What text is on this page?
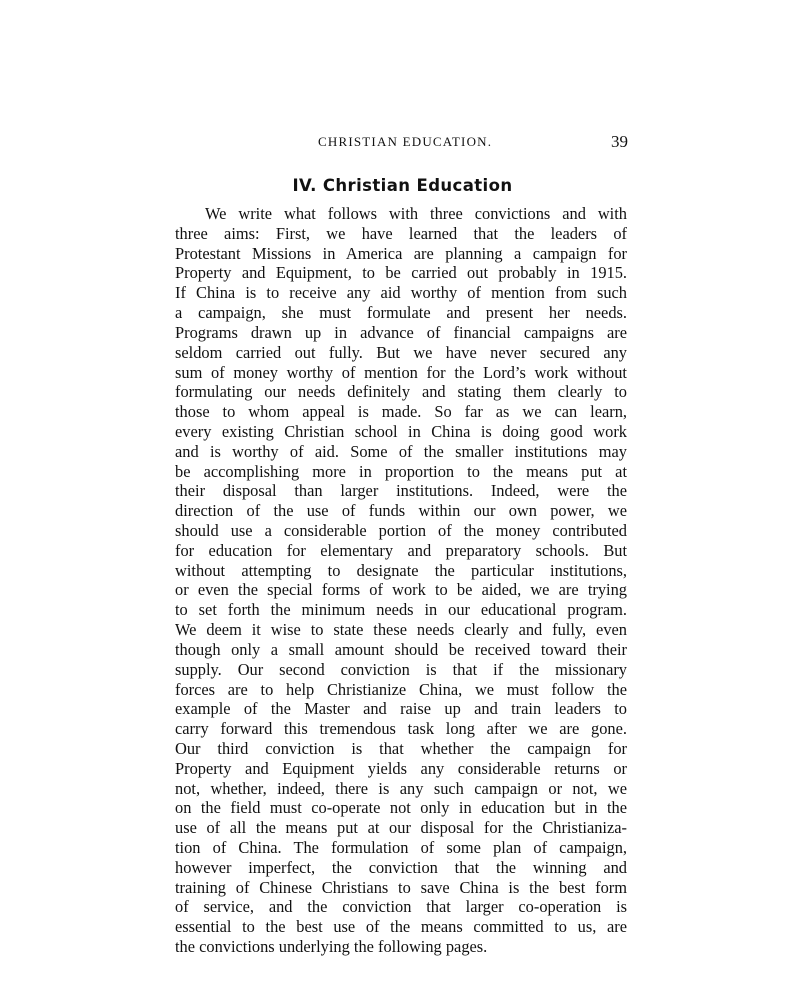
CHRISTIAN EDUCATION.	39
IV. Christian Education
We write what follows with three convictions and with
three aims: First, we have learned that the leaders of
Protestant Missions in America are planning a campaign for
Property and Equipment, to be carried out probably in 1915.
If China is to receive any aid worthy of mention from such
a campaign, she must formulate and present her needs.
Programs drawn up in advance of financial campaigns are
seldom carried out fully. But we have never secured any
sum of money worthy of mention for the Lord’s work without
formulating our needs definitely and stating them clearly to
those to whom appeal is made. So far as we can learn,
every existing Christian school in China is doing good work
and is worthy of aid. Some of the smaller institutions may
be accomplishing more in proportion to the means put at
their disposal than larger institutions. Indeed, were the
direction of the use of funds within our own power, we
should use a considerable portion of the money contributed
for education for elementary and preparatory schools. But
without attempting to designate the particular institutions,
or even the special forms of work to be aided, we are trying
to set forth the minimum needs in our educational program.
We deem it wise to state these needs clearly and fully, even
though only a small amount should be received toward their
supply. Our second conviction is that if the missionary
forces are to help Christianize China, we must follow the
example of the Master and raise up and train leaders to
carry forward this tremendous task long after we are gone.
Our third conviction is that whether the campaign for
Property and Equipment yields any considerable returns or
not, whether, indeed, there is any such campaign or not, we
on the field must co-operate not only in education but in the
use of all the means put at our disposal for the Christianiza-
tion of China. The formulation of some plan of campaign,
however imperfect, the conviction that the winning and
training of Chinese Christians to save China is the best form
of service, and the conviction that larger co-operation is
essential to the best use of the means committed to us, are
the convictions underlying the following pages.
